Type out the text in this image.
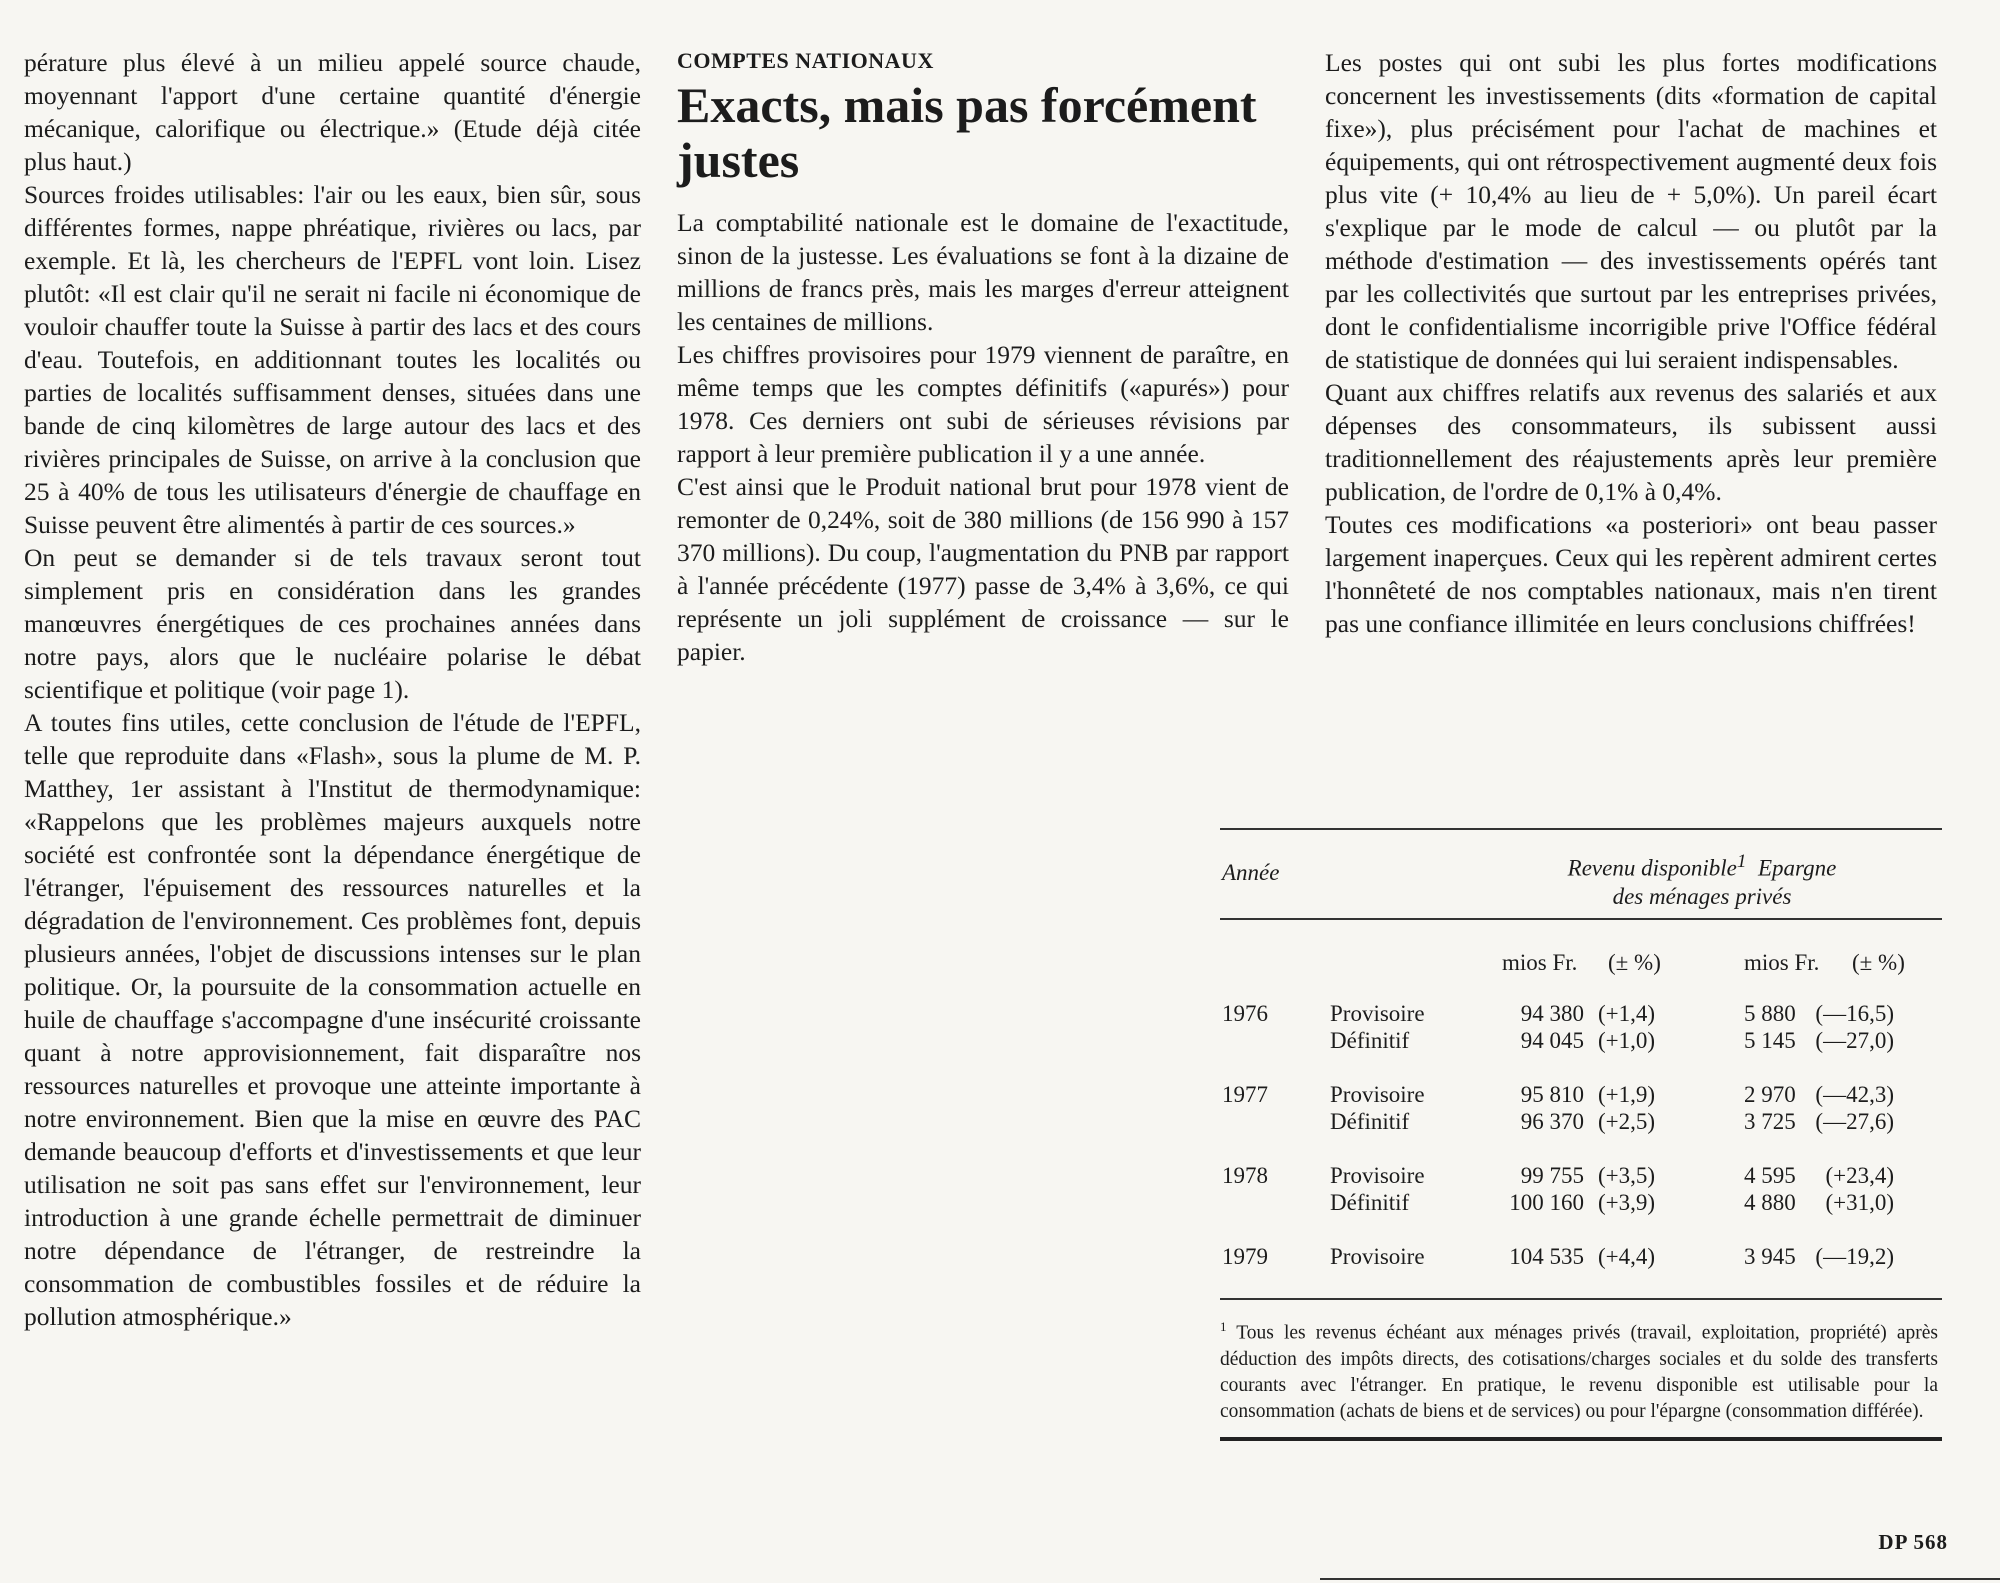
pérature plus élevé à un milieu appelé source chaude, moyennant l'apport d'une certaine quantité d'énergie mécanique, calorifique ou électrique.» (Etude déjà citée plus haut.)

Sources froides utilisables: l'air ou les eaux, bien sûr, sous différentes formes, nappe phréatique, rivières ou lacs, par exemple. Et là, les chercheurs de l'EPFL vont loin. Lisez plutôt: «Il est clair qu'il ne serait ni facile ni économique de vouloir chauffer toute la Suisse à partir des lacs et des cours d'eau. Toutefois, en additionnant toutes les localités ou parties de localités suffisamment denses, situées dans une bande de cinq kilomètres de large autour des lacs et des rivières principales de Suisse, on arrive à la conclusion que 25 à 40% de tous les utilisateurs d'énergie de chauffage en Suisse peuvent être alimentés à partir de ces sources.»

On peut se demander si de tels travaux seront tout simplement pris en considération dans les grandes manœuvres énergétiques de ces prochaines années dans notre pays, alors que le nucléaire polarise le débat scientifique et politique (voir page 1).

A toutes fins utiles, cette conclusion de l'étude de l'EPFL, telle que reproduite dans «Flash», sous la plume de M. P. Matthey, 1er assistant à l'Institut de thermodynamique: «Rappelons que les problèmes majeurs auxquels notre société est confrontée sont la dépendance énergétique de l'étranger, l'épuisement des ressources naturelles et la dégradation de l'environnement. Ces problèmes font, depuis plusieurs années, l'objet de discussions intenses sur le plan politique. Or, la poursuite de la consommation actuelle en huile de chauffage s'accompagne d'une insécurité croissante quant à notre approvisionnement, fait disparaître nos ressources naturelles et provoque une atteinte importante à notre environnement. Bien que la mise en œuvre des PAC demande beaucoup d'efforts et d'investissements et que leur utilisation ne soit pas sans effet sur l'environnement, leur introduction à une grande échelle permettrait de diminuer notre dépendance de l'étranger, de restreindre la consommation de combustibles fossiles et de réduire la pollution atmosphérique.»

COMPTES NATIONAUX
Exacts, mais pas forcément justes

La comptabilité nationale est le domaine de l'exactitude, sinon de la justesse. Les évaluations se font à la dizaine de millions de francs près, mais les marges d'erreur atteignent les centaines de millions.

Les chiffres provisoires pour 1979 viennent de paraître, en même temps que les comptes définitifs («apurés») pour 1978. Ces derniers ont subi de sérieuses révisions par rapport à leur première publication il y a une année.

C'est ainsi que le Produit national brut pour 1978 vient de remonter de 0,24%, soit de 380 millions (de 156 990 à 157 370 millions). Du coup, l'augmentation du PNB par rapport à l'année précédente (1977) passe de 3,4% à 3,6%, ce qui représente un joli supplément de croissance — sur le papier.

Les postes qui ont subi les plus fortes modifications concernent les investissements (dits «formation de capital fixe»), plus précisément pour l'achat de machines et équipements, qui ont rétrospectivement augmenté deux fois plus vite (+ 10,4% au lieu de + 5,0%). Un pareil écart s'explique par le mode de calcul — ou plutôt par la méthode d'estimation — des investissements opérés tant par les collectivités que surtout par les entreprises privées, dont le confidentialisme incorrigible prive l'Office fédéral de statistique de données qui lui seraient indispensables.

Quant aux chiffres relatifs aux revenus des salariés et aux dépenses des consommateurs, ils subissent aussi traditionnellement des réajustements après leur première publication, de l'ordre de 0,1% à 0,4%.

Toutes ces modifications «a posteriori» ont beau passer largement inaperçues. Ceux qui les repèrent admirent certes l'honnêteté de nos comptables nationaux, mais n'en tirent pas une confiance illimitée en leurs conclusions chiffrées!

Année	Revenu disponible$^1$ Epargne
des ménages privés
mios Fr. (± %)	mios Fr. (± %)
1976	Provisoire	94 380 (+1,4)	5 880 (—16,5)
Définitif	94 045 (+1,0)	5 145 (—27,0)
1977	Provisoire	95 810 (+1,9)	2 970 (—42,3)
Définitif	96 370 (+2,5)	3 725 (—27,6)
1978	Provisoire	99 755 (+3,5)	4 595	(+23,4)
Définitif	100 160 (+3,9)	4 880	(+31,0)
1979	Provisoire	104 535 (+4,4)	3 945 (—19,2)
$^1$ Tous les revenus échéant aux ménages privés (travail, exploitation, propriété) après déduction des impôts directs, des cotisations/charges sociales et du solde des transferts courants avec l'étranger. En pratique, le revenu disponible est utilisable pour la consommation (achats de biens et de services) ou pour l'épargne (consommation différée).
DP 568
